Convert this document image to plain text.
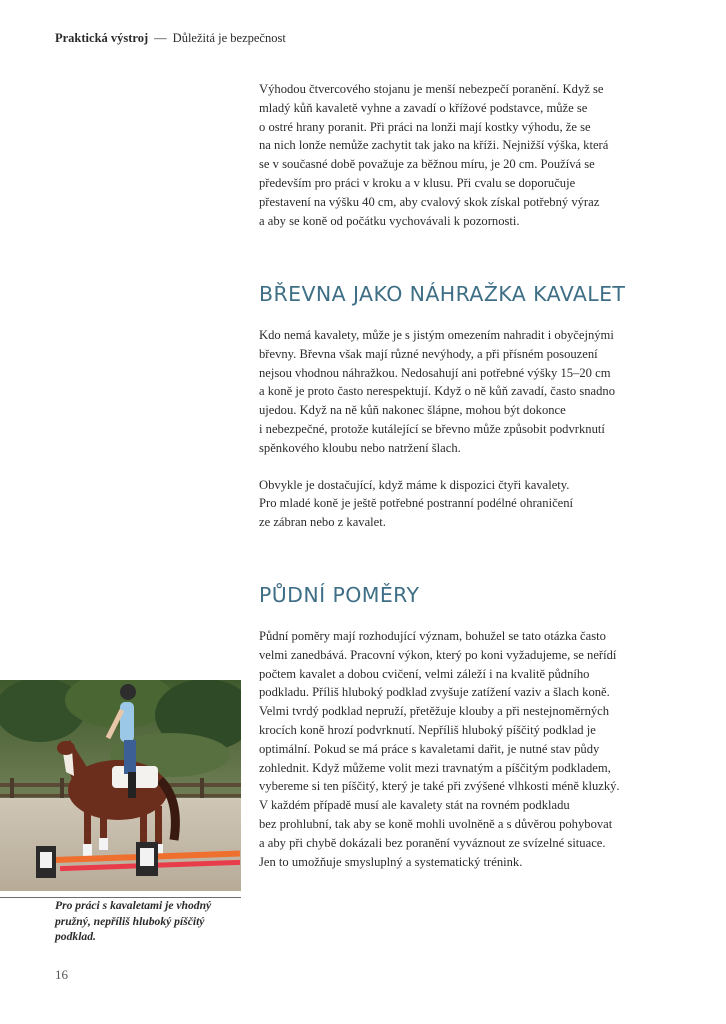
Praktická výstroj — Důležitá je bezpečnost
Výhodou čtvercového stojanu je menší nebezpečí poranění. Když se
mladý kůň kavaletě vyhne a zavadí o křížové podstavce, může se
o ostré hrany poranit. Při práci na lonži mají kostky výhodu, že se
na nich lonže nemůže zachytit tak jako na kříži. Nejnižší výška, která
se v současné době považuje za běžnou míru, je 20 cm. Používá se
především pro práci v kroku a v klusu. Při cvalu se doporučuje
přestavení na výšku 40 cm, aby cvalový skok získal potřebný výraz
a aby se koně od počátku vychovávali k pozornosti.
BŘEVNA JAKO NÁHRAŽKA KAVALET
Kdo nemá kavalety, může je s jistým omezením nahradit i obyčejnými
břevny. Břevna však mají různé nevýhody, a při přísném posouzení
nejsou vhodnou náhražkou. Nedosahují ani potřebné výšky 15–20 cm
a koně je proto často nerespektují. Když o ně kůň zavadí, často snadno
ujedou. Když na ně kůň nakonec šlápne, mohou být dokonce
i nebezpečné, protože kutálející se břevno může způsobit podvrknutí
spěnkového kloubu nebo natržení šlach.
Obvykle je dostačující, když máme k dispozici čtyři kavalety.
Pro mladé koně je ještě potřebné postranní podélné ohraničení
ze zábran nebo z kavalet.
PŮDNÍ POMĚRY
Půdní poměry mají rozhodující význam, bohužel se tato otázka často
velmi zanedbává. Pracovní výkon, který po koni vyžadujeme, se neřídí
počtem kavalet a dobou cvičení, velmi záleží i na kvalitě půdního
podkladu. Příliš hluboký podklad zvyšuje zatížení vaziv a šlach koně.
Velmi tvrdý podklad nepruží, přetěžuje klouby a při nestejnoměrných
krocích koně hrozí podvrknutí. Nepříliš hluboký píščitý podklad je
optimální. Pokud se má práce s kavaletami dařit, je nutné stav půdy
zohlednit. Když můžeme volit mezi travnatým a píščitým podkladem,
vybereme si ten píščitý, který je také při zvýšené vlhkosti méně kluzký.
V každém případě musí ale kavalety stát na rovném podkladu
bez prohlubní, tak aby se koně mohli uvolněně a s důvěrou pohybovat
a aby při chybě dokázali bez poranění vyváznout ze svízelné situace.
Jen to umožňuje smysluplný a systematický trénink.
Pro práci s kavaletami je vhodný
pružný, nepříliš hluboký píščitý
podklad.
16
